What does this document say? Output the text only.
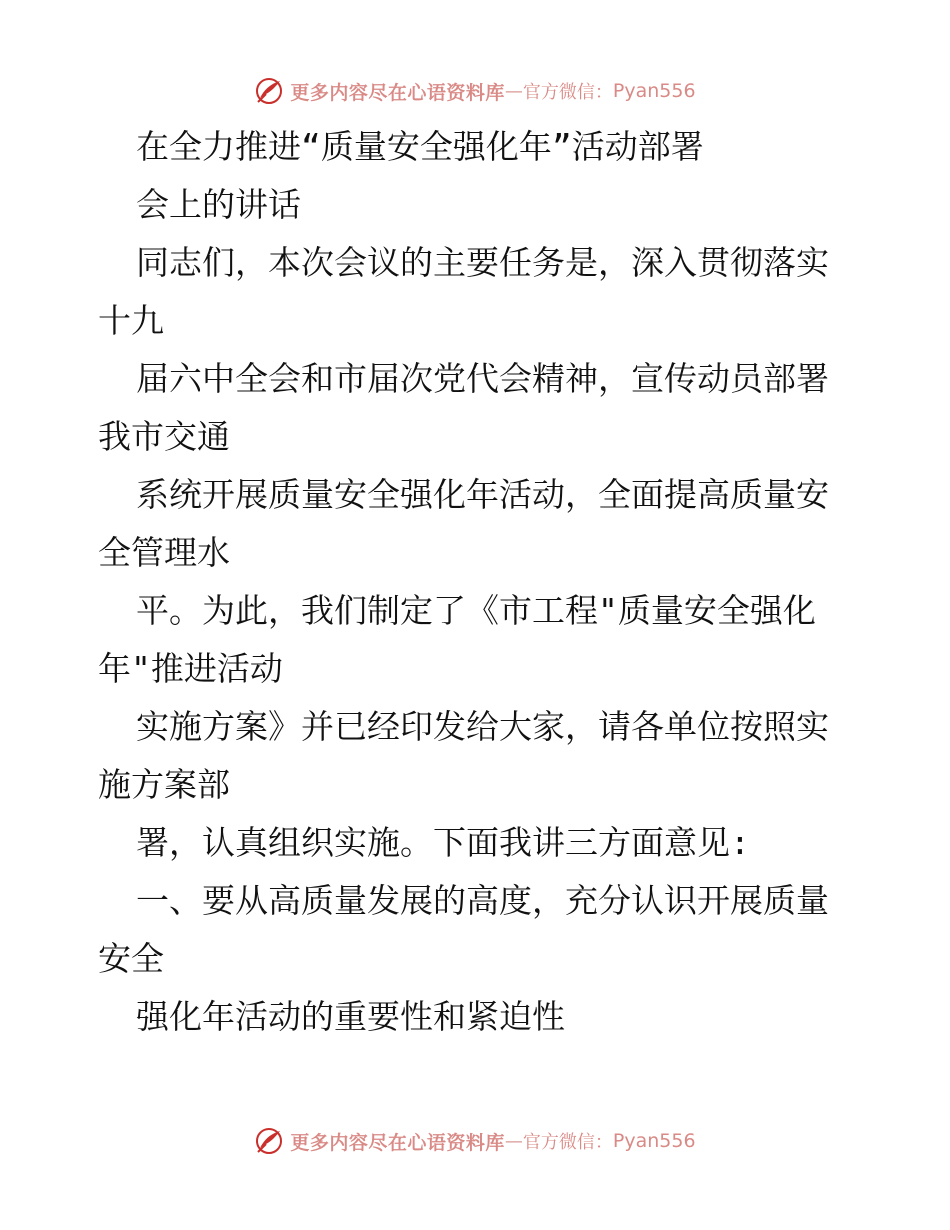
更多内容尽在心语资料库 — 官方微信： Pyan556
在全力推进“质量安全强化年”活动部署
会上的讲话
同志们，本次会议的主要任务是，深入贯彻落实
十九
届六中全会和市届次党代会精神，宣传动员部署
我市交通
系统开展质量安全强化年活动，全面提高质量安
全管理水
平。为此，我们制定了《市工程"质量安全强化
年"推进活动
实施方案》并已经印发给大家，请各单位按照实
施方案部
署，认真组织实施。下面我讲三方面意见:
一、要从高质量发展的高度，充分认识开展质量
安全
强化年活动的重要性和紧迫性
更多内容尽在心语资料库 — 官方微信： Pyan556
